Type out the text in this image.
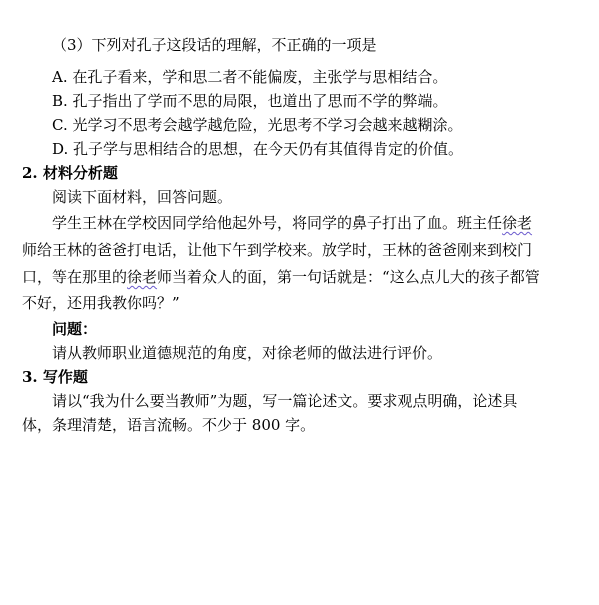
（3）下列对孔子这段话的理解，不正确的一项是
A. 在孔子看来，学和思二者不能偏废，主张学与思相结合。
B. 孔子指出了学而不思的局限，也道出了思而不学的弊端。
C. 光学习不思考会越学越危险，光思考不学习会越来越糊涂。
D. 孔子学与思相结合的思想，在今天仍有其值得肯定的价值。
2. 材料分析题
阅读下面材料，回答问题。
学生王林在学校因同学给他起外号，将同学的鼻子打出了血。班主任徐老
师给王林的爸爸打电话，让他下午到学校来。放学时，王林的爸爸刚来到校门
口，等在那里的徐老师当着众人的面，第一句话就是：“这么点儿大的孩子都管
不好，还用我教你吗？”
问题：
请从教师职业道德规范的角度，对徐老师的做法进行评价。
3. 写作题
请以“我为什么要当教师”为题，写一篇论述文。要求观点明确，论述具
体，条理清楚，语言流畅。不少于 800 字。
